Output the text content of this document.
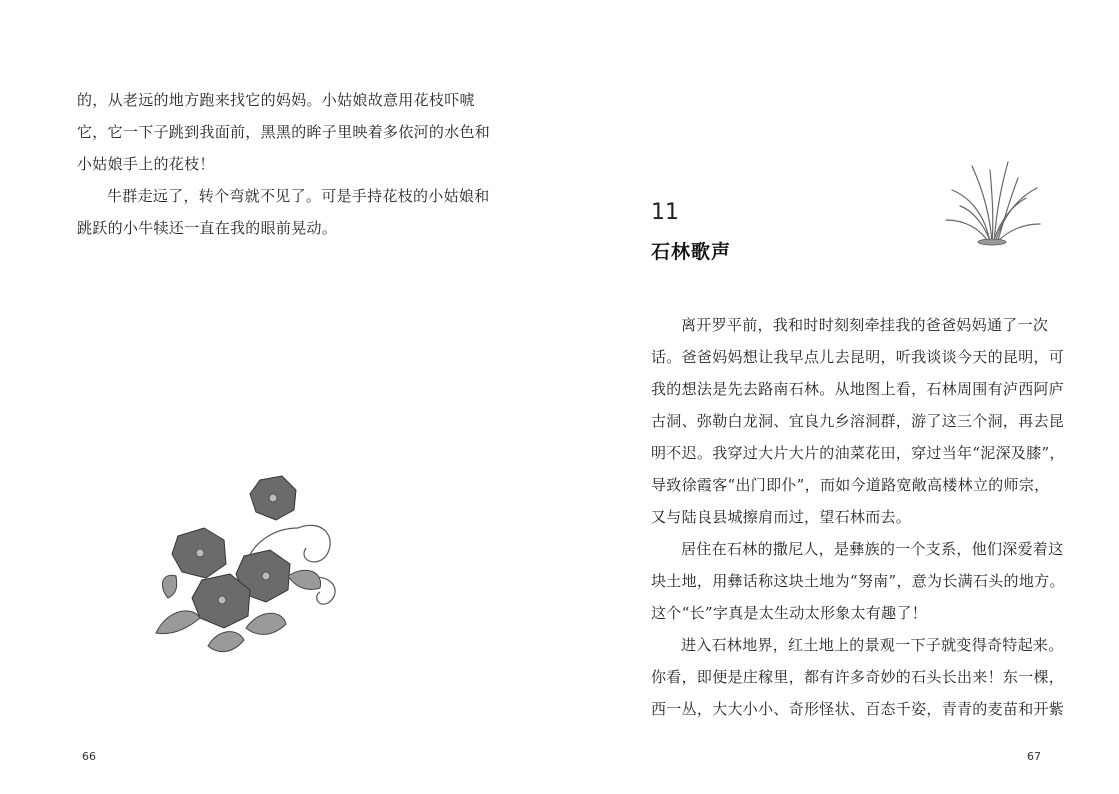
的，从老远的地方跑来找它的妈妈。小姑娘故意用花枝吓唬

它，它一下子跳到我面前，黑黑的眸子里映着多依河的水色和

小姑娘手上的花枝！

牛群走远了，转个弯就不见了。可是手持花枝的小姑娘和

跳跃的小牛犊还一直在我的眼前晃动。

66
11
石林歌声

离开罗平前，我和时时刻刻牵挂我的爸爸妈妈通了一次

话。爸爸妈妈想让我早点儿去昆明，听我谈谈今天的昆明，可

我的想法是先去路南石林。从地图上看，石林周围有泸西阿庐

古洞、弥勒白龙洞、宜良九乡溶洞群，游了这三个洞，再去昆

明不迟。我穿过大片大片的油菜花田，穿过当年“泥深及膝”，

导致徐霞客“出门即仆”，而如今道路宽敞高楼林立的师宗，

又与陆良县城擦肩而过，望石林而去。

居住在石林的撒尼人，是彝族的一个支系，他们深爱着这

块土地，用彝话称这块土地为“努南”，意为长满石头的地方。

这个“长”字真是太生动太形象太有趣了！

进入石林地界，红土地上的景观一下子就变得奇特起来。

你看，即便是庄稼里，都有许多奇妙的石头长出来！东一棵，

西一丛，大大小小、奇形怪状、百态千姿，青青的麦苗和开紫

67
